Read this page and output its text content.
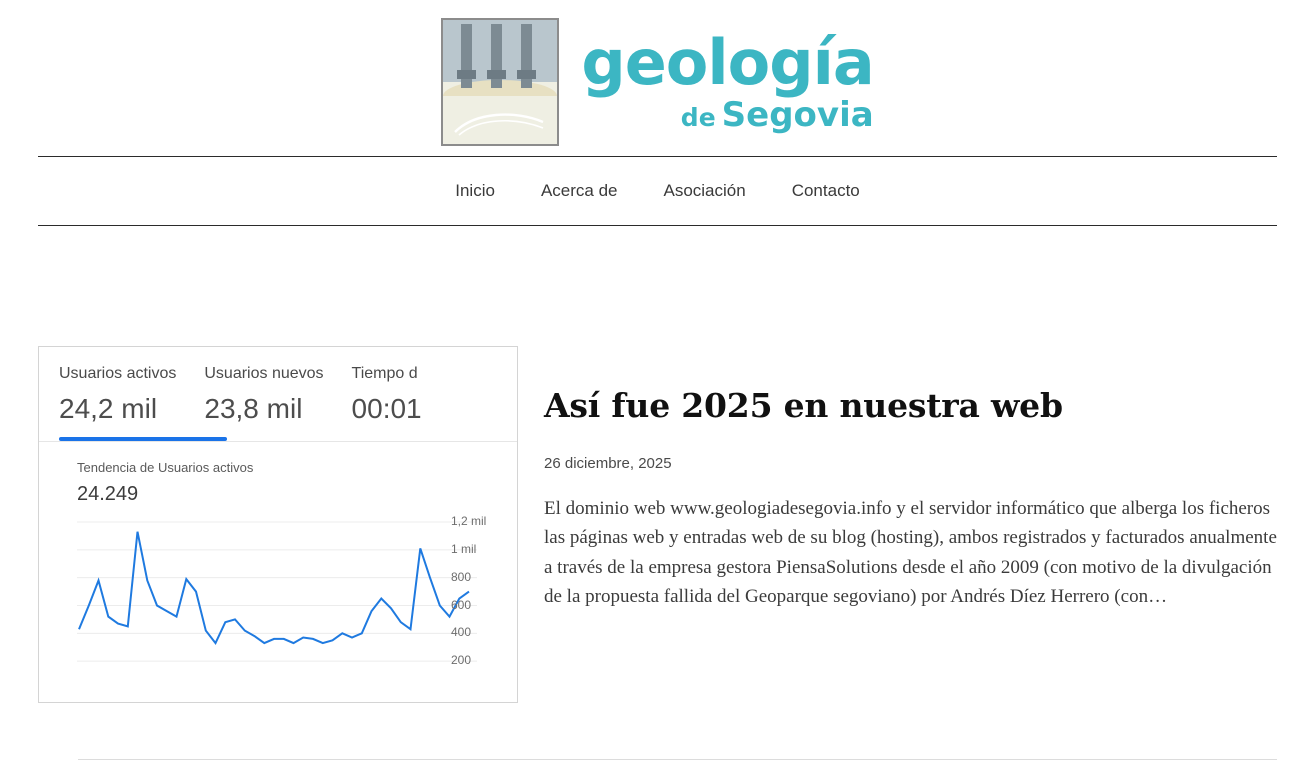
geología
de Segovia
Inicio	Acerca de	Asociación	Contacto
Usuarios activos
24,2 mil
Usuarios nuevos
23,8 mil
Tiempo d
00:01
Tendencia de Usuarios activos
24.249
200
400
600
800
1 mil
1,2 mil
Así fue 2025 en nuestra web
26 diciembre, 2025

El dominio web www.geologiadesegovia.info y el servidor informático que alberga los ficheros las páginas web y entradas web de su blog (hosting), ambos registrados y facturados anualmente a través de la empresa gestora PiensaSolutions desde el año 2009 (con motivo de la divulgación de la propuesta fallida del Geoparque segoviano) por Andrés Díez Herrero (con…
